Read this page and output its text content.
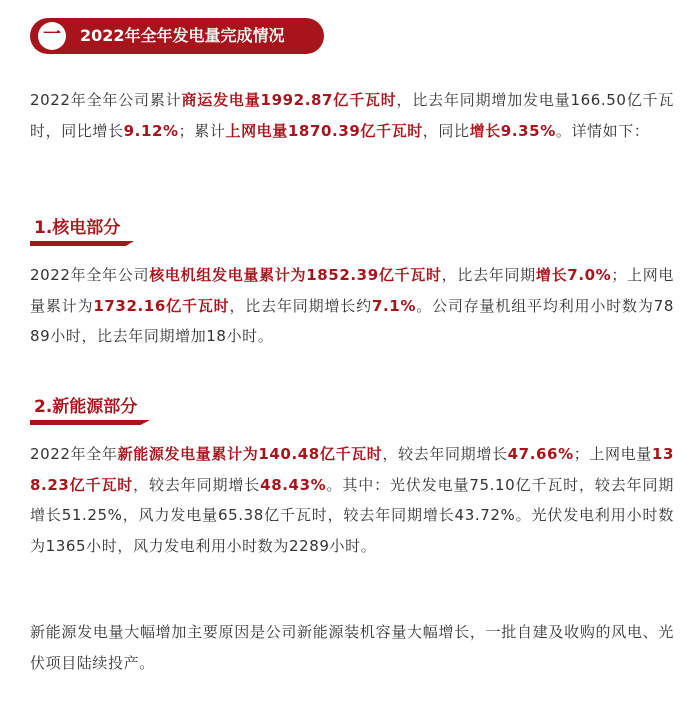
一	2022年全年发电量完成情况
2022年全年公司累计商运发电量1992.87亿千瓦时，比去年同期增加发电量166.50亿千瓦时，同比增长9.12%；累计上网电量1870.39亿千瓦时，同比增长9.35%。详情如下：
1.核电部分
2022年全年公司核电机组发电量累计为1852.39亿千瓦时，比去年同期增长7.0%；上网电量累计为1732.16亿千瓦时，比去年同期增长约7.1%。公司存量机组平均利用小时数为7889小时，比去年同期增加18小时。
2.新能源部分
2022年全年新能源发电量累计为140.48亿千瓦时，较去年同期增长47.66%；上网电量138.23亿千瓦时，较去年同期增长48.43%。其中：光伏发电量75.10亿千瓦时，较去年同期增长51.25%，风力发电量65.38亿千瓦时，较去年同期增长43.72%。光伏发电利用小时数为1365小时，风力发电利用小时数为2289小时。
新能源发电量大幅增加主要原因是公司新能源装机容量大幅增长，一批自建及收购的风电、光伏项目陆续投产。
